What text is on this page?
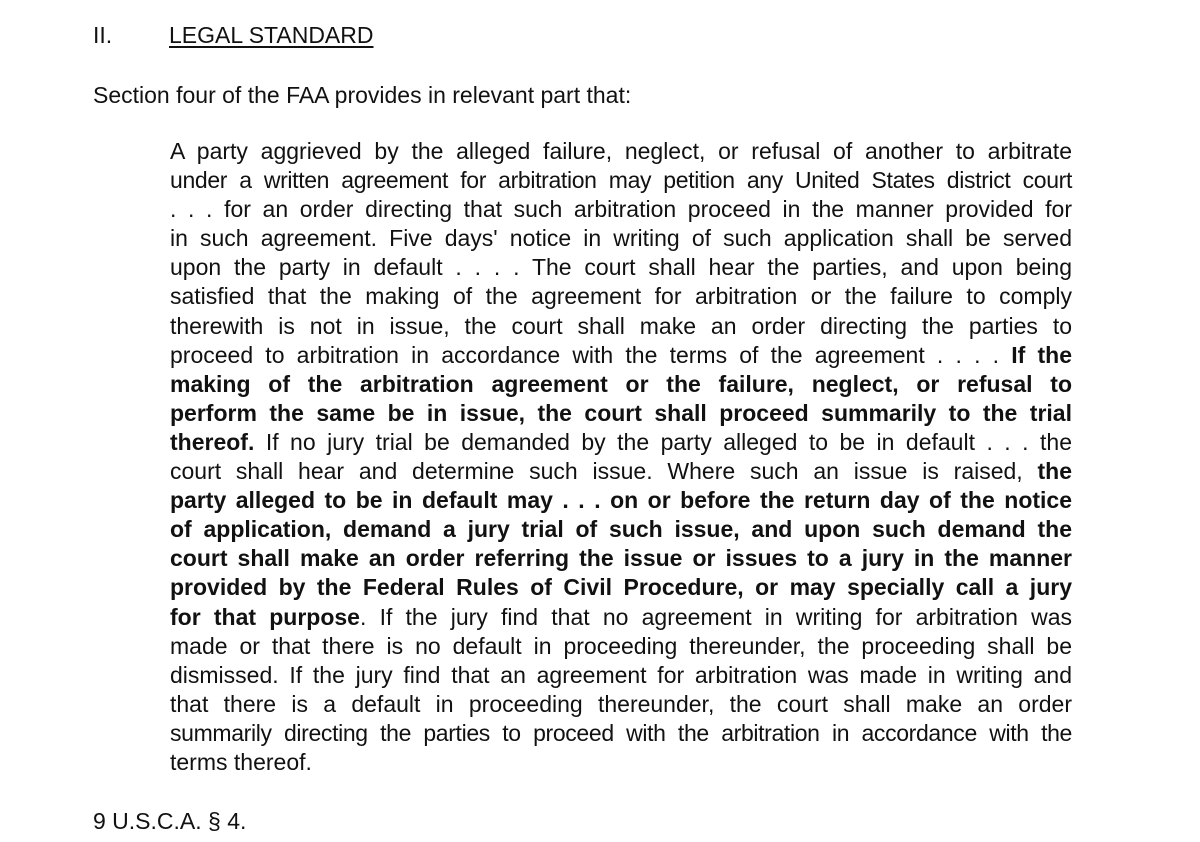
II. LEGAL STANDARD
Section four of the FAA provides in relevant part that:
A party aggrieved by the alleged failure, neglect, or refusal of another to arbitrate
under a written agreement for arbitration may petition any United States district court
. . . for an order directing that such arbitration proceed in the manner provided for
in such agreement. Five days' notice in writing of such application shall be served
upon the party in default . . . . The court shall hear the parties, and upon being
satisfied that the making of the agreement for arbitration or the failure to comply
therewith is not in issue, the court shall make an order directing the parties to
proceed to arbitration in accordance with the terms of the agreement . . . . If the
making of the arbitration agreement or the failure, neglect, or refusal to
perform the same be in issue, the court shall proceed summarily to the trial
thereof. If no jury trial be demanded by the party alleged to be in default . . . the
court shall hear and determine such issue. Where such an issue is raised, the
party alleged to be in default may . . . on or before the return day of the notice
of application, demand a jury trial of such issue, and upon such demand the
court shall make an order referring the issue or issues to a jury in the manner
provided by the Federal Rules of Civil Procedure, or may specially call a jury
for that purpose. If the jury find that no agreement in writing for arbitration was
made or that there is no default in proceeding thereunder, the proceeding shall be
dismissed. If the jury find that an agreement for arbitration was made in writing and
that there is a default in proceeding thereunder, the court shall make an order
summarily directing the parties to proceed with the arbitration in accordance with the
terms thereof.
9 U.S.C.A. § 4.
